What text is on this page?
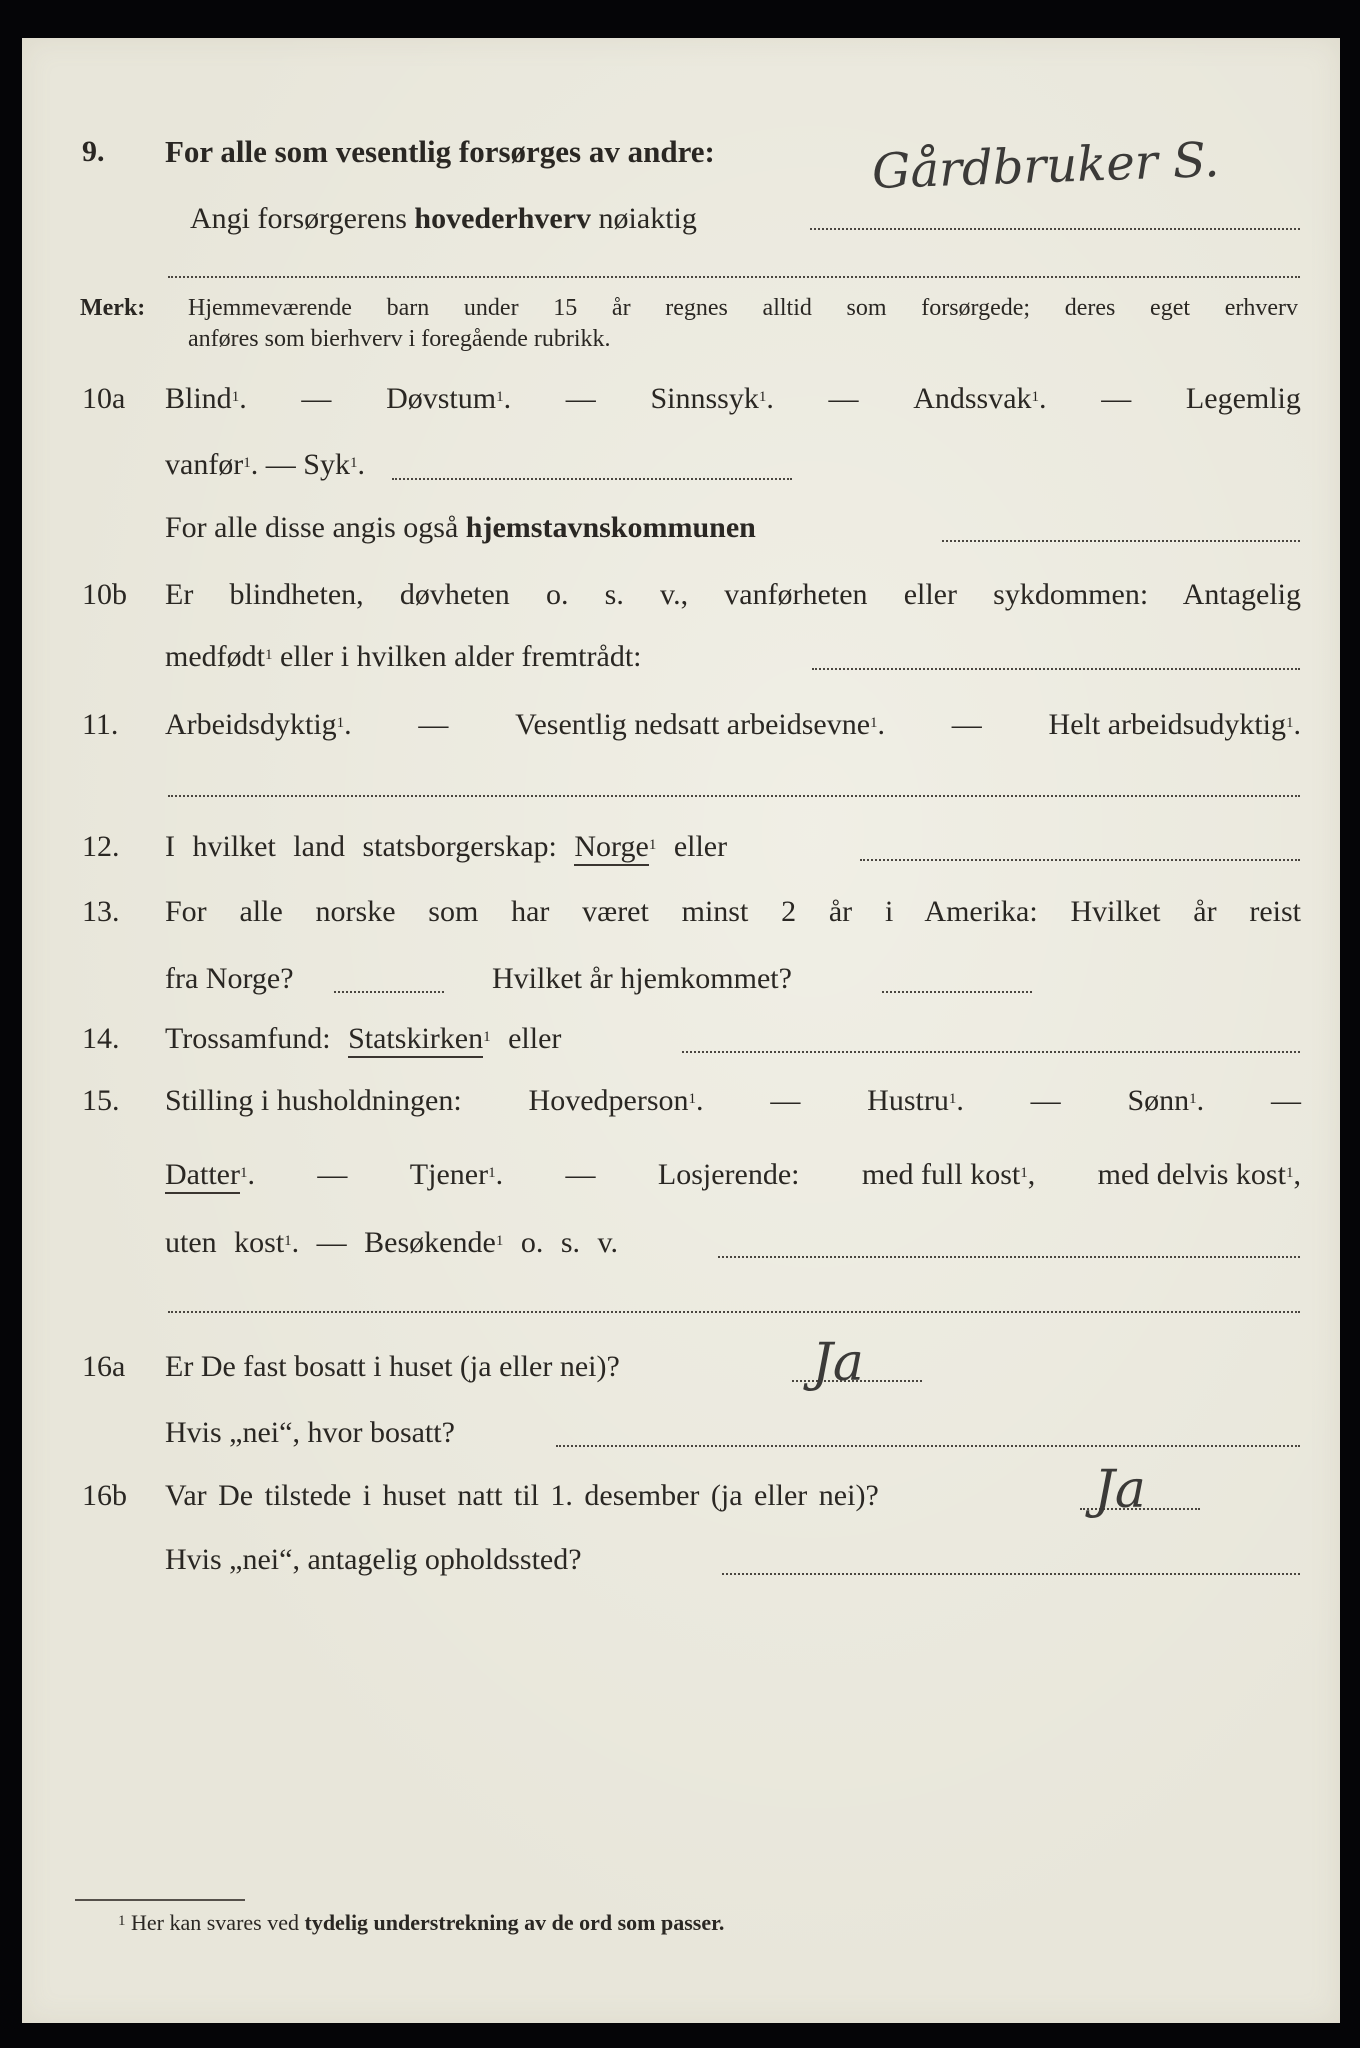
9. For alle som vesentlig forsørges av andre:
Angi forsørgerens hovederhverv nøiaktig
Gårdbruker S.
Merk: Hjemmeværende barn under 15 år regnes alltid som forsørgede; deres eget erhverv
anføres som bierhverv i foregående rubrikk.
10a Blind$^1$. — Døvstum$^1$. — Sinnssyk$^1$. — Andssvak$^1$. — Legemlig
vanfør$^1$. — Syk$^1$.
For alle disse angis også hjemstavnskommunen
10b Er blindheten, døvheten o. s. v., vanførheten eller sykdommen: Antagelig
medfødt$^1$ eller i hvilken alder fremtrådt:
11. Arbeidsdyktig$^1$. — Vesentlig nedsatt arbeidsevne$^1$. — Helt arbeidsudyktig$^1$.
12. I hvilket land statsborgerskap: Norge$^1$ eller
13. For alle norske som har været minst 2 år i Amerika: Hvilket år reist
fra Norge?	Hvilket år hjemkommet?
14. Trossamfund: Statskirken$^1$ eller
15. Stilling i husholdningen: Hovedperson$^1$. — Hustru$^1$. — Sønn$^1$. —
Datter$^1$. — Tjener$^1$. — Losjerende: med full kost$^1$, med delvis kost$^1$,
uten kost$^1$. — Besøkende$^1$ o. s. v.
16a Er De fast bosatt i huset (ja eller nei)?	Ja
Hvis „nei“, hvor bosatt?
16b Var De tilstede i huset natt til 1. desember (ja eller nei)?	Ja
Hvis „nei“, antagelig opholdssted?
$^1$ Her kan svares ved tydelig understrekning av de ord som passer.
